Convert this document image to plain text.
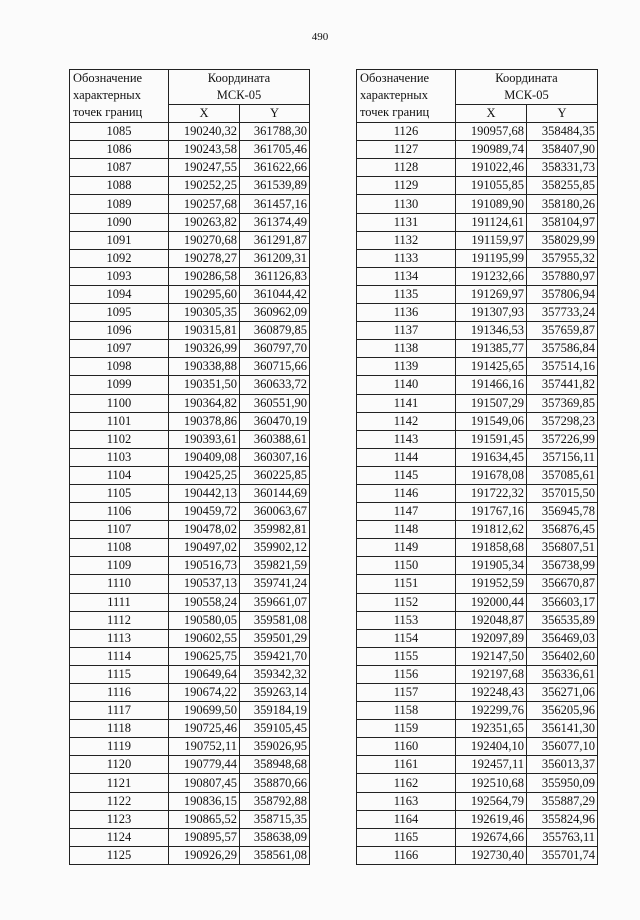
490
Обозначение
характерных
точек границ	Координата
МСК-05	
	X	Y
1085	190240,32	361788,30
1086	190243,58	361705,46
1087	190247,55	361622,66
1088	190252,25	361539,89
1089	190257,68	361457,16
1090	190263,82	361374,49
1091	190270,68	361291,87
1092	190278,27	361209,31
1093	190286,58	361126,83
1094	190295,60	361044,42
1095	190305,35	360962,09
1096	190315,81	360879,85
1097	190326,99	360797,70
1098	190338,88	360715,66
1099	190351,50	360633,72
1100	190364,82	360551,90
1101	190378,86	360470,19
1102	190393,61	360388,61
1103	190409,08	360307,16
1104	190425,25	360225,85
1105	190442,13	360144,69
1106	190459,72	360063,67
1107	190478,02	359982,81
1108	190497,02	359902,12
1109	190516,73	359821,59
1110	190537,13	359741,24
1111	190558,24	359661,07
1112	190580,05	359581,08
1113	190602,55	359501,29
1114	190625,75	359421,70
1115	190649,64	359342,32
1116	190674,22	359263,14
1117	190699,50	359184,19
1118	190725,46	359105,45
1119	190752,11	359026,95
1120	190779,44	358948,68
1121	190807,45	358870,66
1122	190836,15	358792,88
1123	190865,52	358715,35
1124	190895,57	358638,09
1125	190926,29	358561,08
Обозначение
характерных
точек границ	Координата
МСК-05	
	X	Y
1126	190957,68	358484,35
1127	190989,74	358407,90
1128	191022,46	358331,73
1129	191055,85	358255,85
1130	191089,90	358180,26
1131	191124,61	358104,97
1132	191159,97	358029,99
1133	191195,99	357955,32
1134	191232,66	357880,97
1135	191269,97	357806,94
1136	191307,93	357733,24
1137	191346,53	357659,87
1138	191385,77	357586,84
1139	191425,65	357514,16
1140	191466,16	357441,82
1141	191507,29	357369,85
1142	191549,06	357298,23
1143	191591,45	357226,99
1144	191634,45	357156,11
1145	191678,08	357085,61
1146	191722,32	357015,50
1147	191767,16	356945,78
1148	191812,62	356876,45
1149	191858,68	356807,51
1150	191905,34	356738,99
1151	191952,59	356670,87
1152	192000,44	356603,17
1153	192048,87	356535,89
1154	192097,89	356469,03
1155	192147,50	356402,60
1156	192197,68	356336,61
1157	192248,43	356271,06
1158	192299,76	356205,96
1159	192351,65	356141,30
1160	192404,10	356077,10
1161	192457,11	356013,37
1162	192510,68	355950,09
1163	192564,79	355887,29
1164	192619,46	355824,96
1165	192674,66	355763,11
1166	192730,40	355701,74
